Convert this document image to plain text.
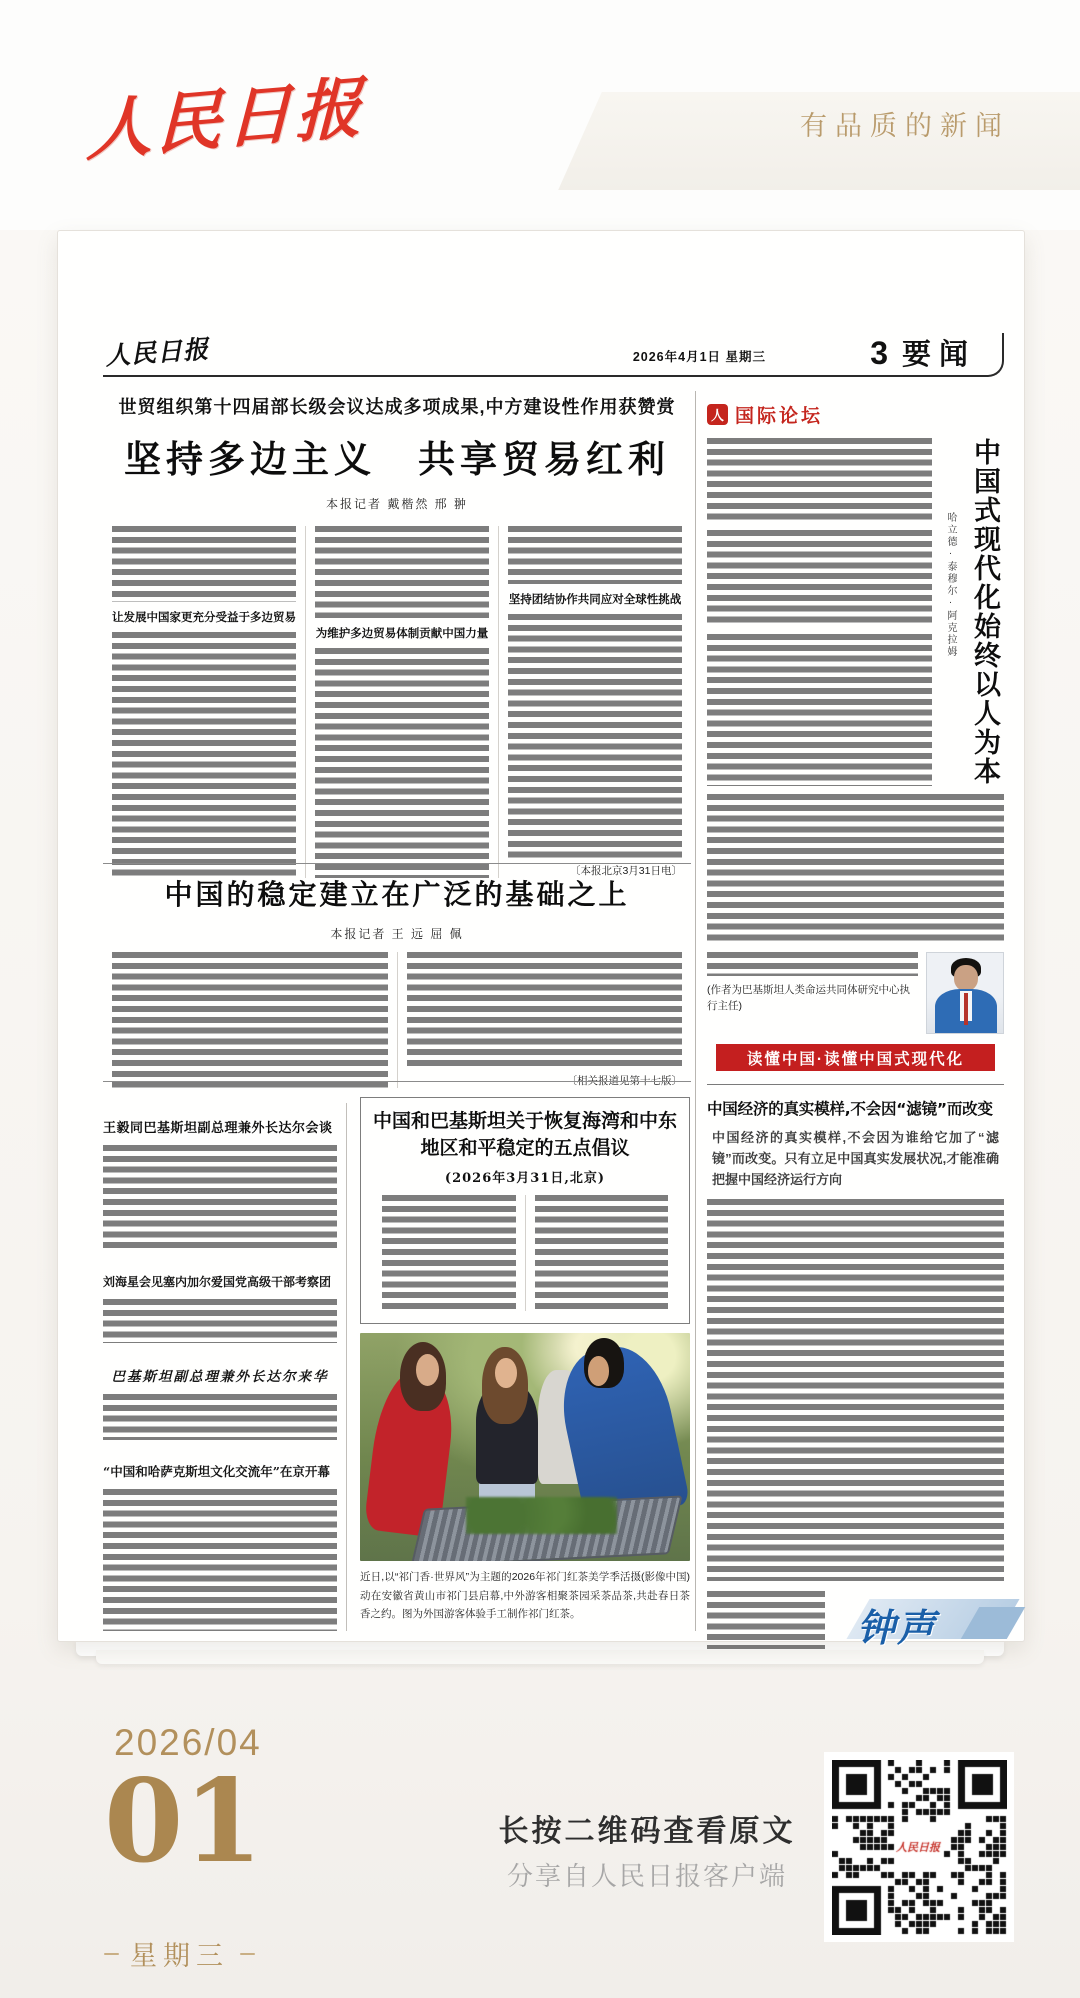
人民日报	有品质的新闻
人民日报	2026年4月1日 星期三	3 要闻
世贸组织第十四届部长级会议达成多项成果,中方建设性作用获赞赏
坚持多边主义　共享贸易红利
本报记者 戴楷然 邢 翀
让发展中国家更充分受益于多边贸易
为维护多边贸易体制贡献中国力量
坚持团结协作共同应对全球性挑战
〔本报北京3月31日电〕
中国的稳定建立在广泛的基础之上
本报记者 王 远 屈 佩
〔相关报道见第十七版〕
王毅同巴基斯坦副总理兼外长达尔会谈
刘海星会见塞内加尔爱国党高级干部考察团
巴基斯坦副总理兼外长达尔来华
“中国和哈萨克斯坦文化交流年”在京开幕
中国和巴基斯坦关于恢复海湾和中东地区和平稳定的五点倡议
(2026年3月31日,北京)
摄(影像中国)
近日,以“祁门香·世界风”为主题的2026年祁门红茶美学季活动在安徽省黄山市祁门县启幕,中外游客相聚茶园采茶品茶,共赴春日茶香之约。图为外国游客体验手工制作祁门红茶。
人 国际论坛
哈立德·泰穆尔·阿克拉姆 中国式现代化始终以人为本
(作者为巴基斯坦人类命运共同体研究中心执行主任)
读懂中国·读懂中国式现代化
中国经济的真实模样,不会因“滤镜”而改变
中国经济的真实模样,不会因为谁给它加了“滤镜”而改变。只有立足中国真实发展状况,才能准确把握中国经济运行方向
钟声
2026/04
01
星期三
长按二维码查看原文
分享自人民日报客户端
